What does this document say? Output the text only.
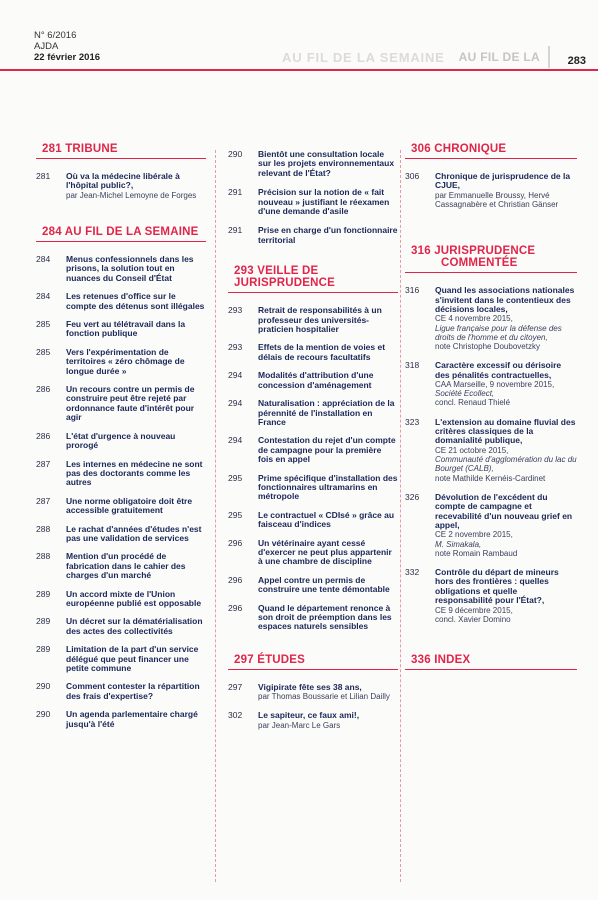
N° 6/2016
AJDA
22 février 2016	AU FIL DE LA SEMAINE AU FIL DE LA	283
281 TRIBUNE
281	Où va la médecine libérale à l'hôpital public?,
par Jean-Michel Lemoyne de Forges
284 AU FIL DE LA SEMAINE
284	Menus confessionnels dans les prisons, la solution tout en nuances du Conseil d'État
284	Les retenues d'office sur le compte des détenus sont illégales
285	Feu vert au télétravail dans la fonction publique
285	Vers l'expérimentation de territoires « zéro chômage de longue durée »
286	Un recours contre un permis de construire peut être rejeté par ordonnance faute d'intérêt pour agir
286	L'état d'urgence à nouveau prorogé
287	Les internes en médecine ne sont pas des doctorants comme les autres
287	Une norme obligatoire doit être accessible gratuitement
288	Le rachat d'années d'études n'est pas une validation de services
288	Mention d'un procédé de fabrication dans le cahier des charges d'un marché
289	Un accord mixte de l'Union européenne publié est opposable
289	Un décret sur la dématérialisation des actes des collectivités
289	Limitation de la part d'un service délégué que peut financer une petite commune
290	Comment contester la répartition des frais d'expertise?
290	Un agenda parlementaire chargé jusqu'à l'été
290	Bientôt une consultation locale sur les projets environnementaux relevant de l'État?
291	Précision sur la notion de « fait nouveau » justifiant le réexamen d'une demande d'asile
291	Prise en charge d'un fonctionnaire territorial
293 VEILLE DE JURISPRUDENCE
293	Retrait de responsabilités à un professeur des universités-praticien hospitalier
293	Effets de la mention de voies et délais de recours facultatifs
294	Modalités d'attribution d'une concession d'aménagement
294	Naturalisation : appréciation de la pérennité de l'installation en France
294	Contestation du rejet d'un compte de campagne pour la première fois en appel
295	Prime spécifique d'installation des fonctionnaires ultramarins en métropole
295	Le contractuel « CDIsé » grâce au faisceau d'indices
296	Un vétérinaire ayant cessé d'exercer ne peut plus appartenir à une chambre de discipline
296	Appel contre un permis de construire une tente démontable
296	Quand le département renonce à son droit de préemption dans les espaces naturels sensibles
297 ÉTUDES
297	Vigipirate fête ses 38 ans,
par Thomas Boussarie et Lilian Dailly
302	Le sapiteur, ce faux ami!,
par Jean-Marc Le Gars
306 CHRONIQUE
306	Chronique de jurisprudence de la CJUE,
par Emmanuelle Broussy, Hervé Cassagnabère et Christian Gänser
316 JURISPRUDENCE
COMMENTÉE
316	Quand les associations nationales s'invitent dans le contentieux des décisions locales,
CE 4 novembre 2015,
Ligue française pour la défense des droits de l'homme et du citoyen,
note Christophe Doubovetzky
318	Caractère excessif ou dérisoire des pénalités contractuelles,
CAA Marseille, 9 novembre 2015,
Société Ecollect,
concl. Renaud Thielé
323	L'extension au domaine fluvial des critères classiques de la domanialité publique,
CE 21 octobre 2015,
Communauté d'agglomération du lac du Bourget (CALB),
note Mathilde Kernéis-Cardinet
326	Dévolution de l'excédent du compte de campagne et recevabilité d'un nouveau grief en appel,
CE 2 novembre 2015,
M. Simakala,
note Romain Rambaud
332	Contrôle du départ de mineurs hors des frontières : quelles obligations et quelle responsabilité pour l'État?,
CE 9 décembre 2015,
concl. Xavier Domino
336 INDEX
